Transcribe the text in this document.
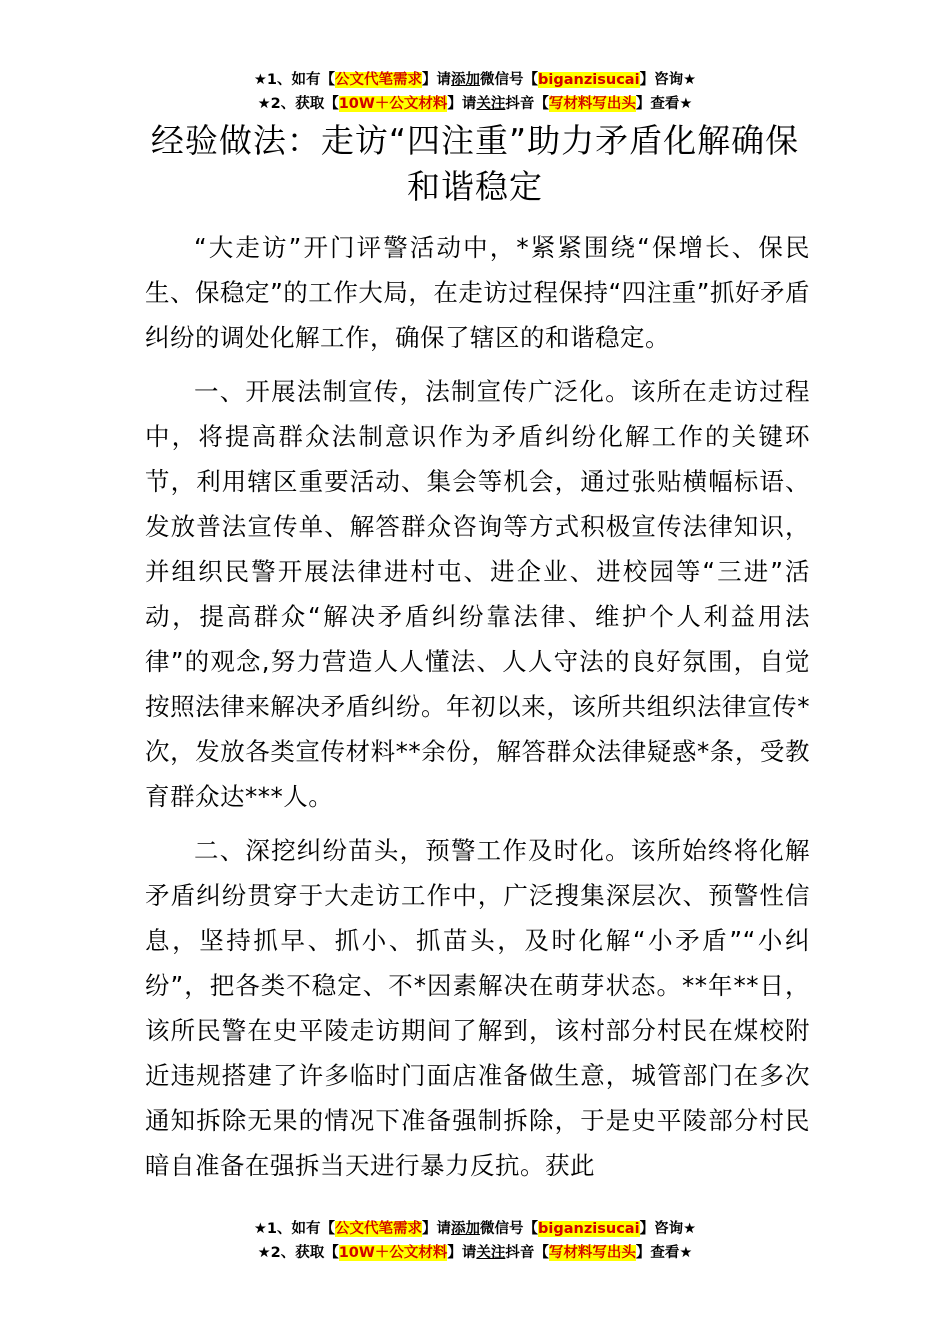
★1、如有【公文代笔需求】请添加微信号【biganzisucai】咨询★
★2、获取【10W＋公文材料】请关注抖音【写材料写出头】查看★
经验做法：走访“四注重”助力矛盾化解确保和谐稳定

“大走访”开门评警活动中，*紧紧围绕“保增长、保民生、保稳定”的工作大局，在走访过程保持“四注重”抓好矛盾纠纷的调处化解工作，确保了辖区的和谐稳定。

一、开展法制宣传，法制宣传广泛化。该所在走访过程中，将提高群众法制意识作为矛盾纠纷化解工作的关键环节，利用辖区重要活动、集会等机会，通过张贴横幅标语、发放普法宣传单、解答群众咨询等方式积极宣传法律知识，并组织民警开展法律进村屯、进企业、进校园等“三进”活动，提高群众“解决矛盾纠纷靠法律、维护个人利益用法律”的观念,努力营造人人懂法、人人守法的良好氛围，自觉按照法律来解决矛盾纠纷。年初以来，该所共组织法律宣传*次，发放各类宣传材料**余份，解答群众法律疑惑*条，受教育群众达***人。

二、深挖纠纷苗头，预警工作及时化。该所始终将化解矛盾纠纷贯穿于大走访工作中，广泛搜集深层次、预警性信息，坚持抓早、抓小、抓苗头，及时化解“小矛盾”“小纠纷”，把各类不稳定、不*因素解决在萌芽状态。**年**日，该所民警在史平陵走访期间了解到，该村部分村民在煤校附近违规搭建了许多临时门面店准备做生意，城管部门在多次通知拆除无果的情况下准备强制拆除，于是史平陵部分村民暗自准备在强拆当天进行暴力反抗。获此

★1、如有【公文代笔需求】请添加微信号【biganzisucai】咨询★
★2、获取【10W＋公文材料】请关注抖音【写材料写出头】查看★
